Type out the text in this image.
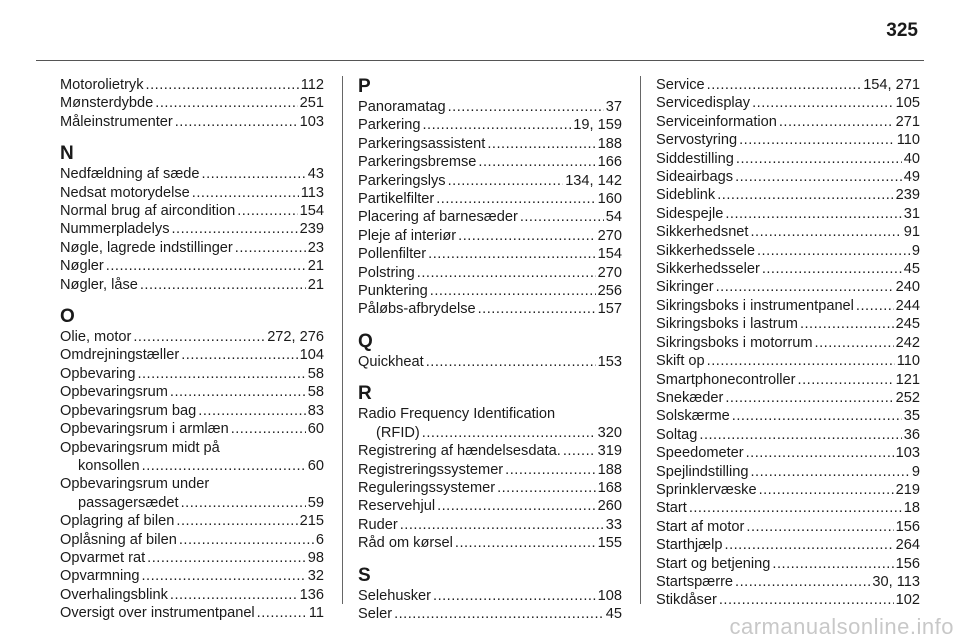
325
Motorolietryk .....	112
Mønsterdybde .....	251
Måleinstrumenter .....	103
N
Nedfældning af sæde .....	43
Nedsat motorydelse .....	113
Normal brug af aircondition .....	154
Nummerpladelys .....	239
Nøgle, lagrede indstillinger .....	23
Nøgler .....	21
Nøgler, låse .....	21
O
Olie, motor .....	272, 276
Omdrejningstæller .....	104
Opbevaring .....	58
Opbevaringsrum .....	58
Opbevaringsrum bag .....	83
Opbevaringsrum i armlæn .....	60
Opbevaringsrum midt på
konsollen .....	60
Opbevaringsrum under
passagersædet .....	59
Oplagring af bilen .....	215
Oplåsning af bilen .....	6
Opvarmet rat .....	98
Opvarmning .....	32
Overhalingsblink .....	136
Oversigt over instrumentpanel .....	11
P
Panoramatag .....	37
Parkering .....	19, 159
Parkeringsassistent .....	188
Parkeringsbremse .....	166
Parkeringslys .....	134, 142
Partikelfilter .....	160
Placering af barnesæder .....	54
Pleje af interiør .....	270
Pollenfilter .....	154
Polstring .....	270
Punktering .....	256
Påløbs-afbrydelse .....	157
Q
Quickheat .....	153
R
Radio Frequency Identification
(RFID) .....	320
Registrering af hændelsesdata. .....	319
Registreringssystemer .....	188
Reguleringssystemer .....	168
Reservehjul .....	260
Ruder .....	33
Råd om kørsel .....	155
S
Selehusker .....	108
Seler .....	45
Service .....	154, 271
Servicedisplay .....	105
Serviceinformation .....	271
Servostyring .....	110
Siddestilling .....	40
Sideairbags .....	49
Sideblink .....	239
Sidespejle .....	31
Sikkerhedsnet .....	91
Sikkerhedssele .....	9
Sikkerhedsseler .....	45
Sikringer .....	240
Sikringsboks i instrumentpanel .....	244
Sikringsboks i lastrum .....	245
Sikringsboks i motorrum .....	242
Skift op .....	110
Smartphonecontroller .....	121
Snekæder .....	252
Solskærme .....	35
Soltag .....	36
Speedometer .....	103
Spejlindstilling .....	9
Sprinklervæske .....	219
Start .....	18
Start af motor .....	156
Starthjælp .....	264
Start og betjening .....	156
Startspærre .....	30, 113
Stikdåser .....	102
carmanualsonline.info
